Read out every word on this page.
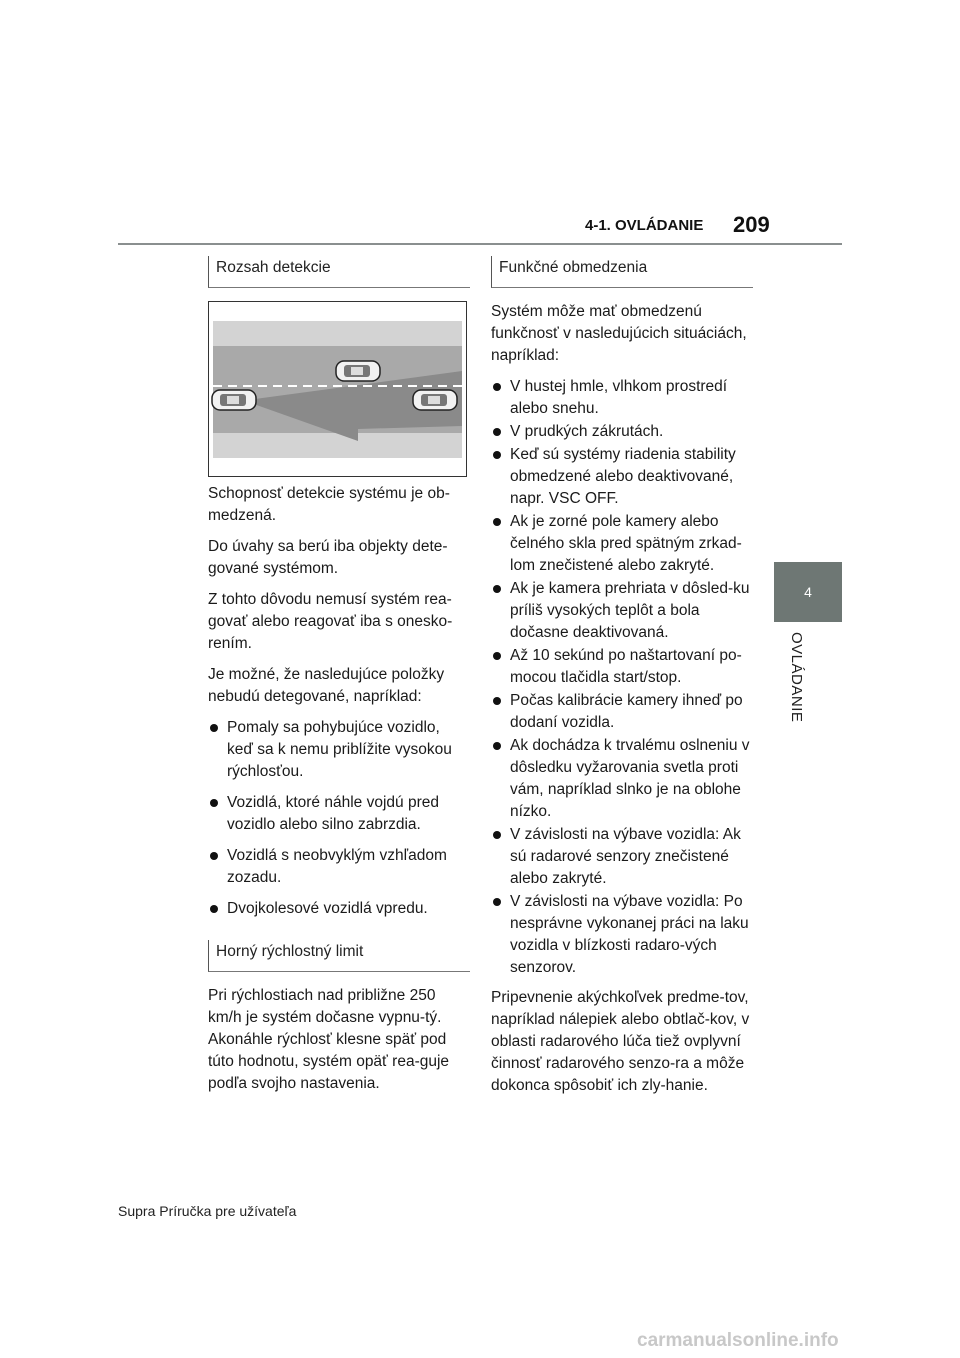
4-1. OVLÁDANIE 209
4
OVLÁDANIE
Rozsah detekcie

Schopnosť detekcie systému je ob-medzená.

Do úvahy sa berú iba objekty dete-gované systémom.

Z tohto dôvodu nemusí systém rea-govať alebo reagovať iba s onesko-rením.

Je možné, že nasledujúce položky nebudú detegované, napríklad:

Pomaly sa pohybujúce vozidlo, keď sa k nemu priblížite vysokou rýchlosťou.
Vozidlá, ktoré náhle vojdú pred vozidlo alebo silno zabrzdia.
Vozidlá s neobvyklým vzhľadom zozadu.
Dvojkolesové vozidlá vpredu.
Horný rýchlostný limit

Pri rýchlostiach nad približne 250 km/h je systém dočasne vypnu-tý. Akonáhle rýchlosť klesne späť pod túto hodnotu, systém opäť rea-guje podľa svojho nastavenia.

Funkčné obmedzenia

Systém môže mať obmedzenú funkčnosť v nasledujúcich situáciách, napríklad:

V hustej hmle, vlhkom prostredí alebo snehu.
V prudkých zákrutách.
Keď sú systémy riadenia stability obmedzené alebo deaktivované, napr. VSC OFF.
Ak je zorné pole kamery alebo čelného skla pred spätným zrkad-lom znečistené alebo zakryté.
Ak je kamera prehriata v dôsled-ku príliš vysokých teplôt a bola dočasne deaktivovaná.
Až 10 sekúnd po naštartovaní po-mocou tlačidla start/stop.
Počas kalibrácie kamery ihneď po dodaní vozidla.
Ak dochádza k trvalému oslneniu v dôsledku vyžarovania svetla proti vám, napríklad slnko je na oblohe nízko.
V závislosti na výbave vozidla: Ak sú radarové senzory znečistené alebo zakryté.
V závislosti na výbave vozidla: Po nesprávne vykonanej práci na laku vozidla v blízkosti radaro-vých senzorov.

Pripevnenie akýchkoľvek predme-tov, napríklad nálepiek alebo obtlač-kov, v oblasti radarového lúča tiež ovplyvní činnosť radarového senzo-ra a môže dokonca spôsobiť ich zly-hanie.

Supra Príručka pre užívateľa
carmanualsonline.info
